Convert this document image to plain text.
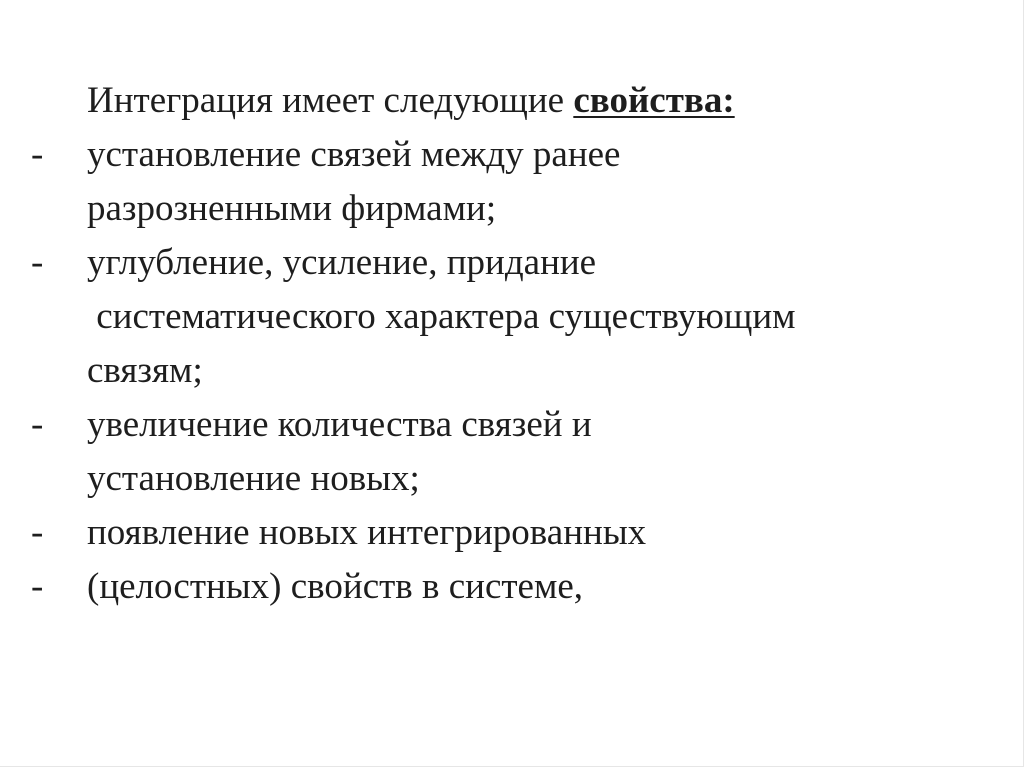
Интеграция имеет следующие свойства:
- установление связей между ранее
разрозненными фирмами;
- углубление, усиление, придание
систематического характера существующим
связям;
- увеличение количества связей и
установление новых;
- появление новых интегрированных
- (целостных) свойств в системе,
